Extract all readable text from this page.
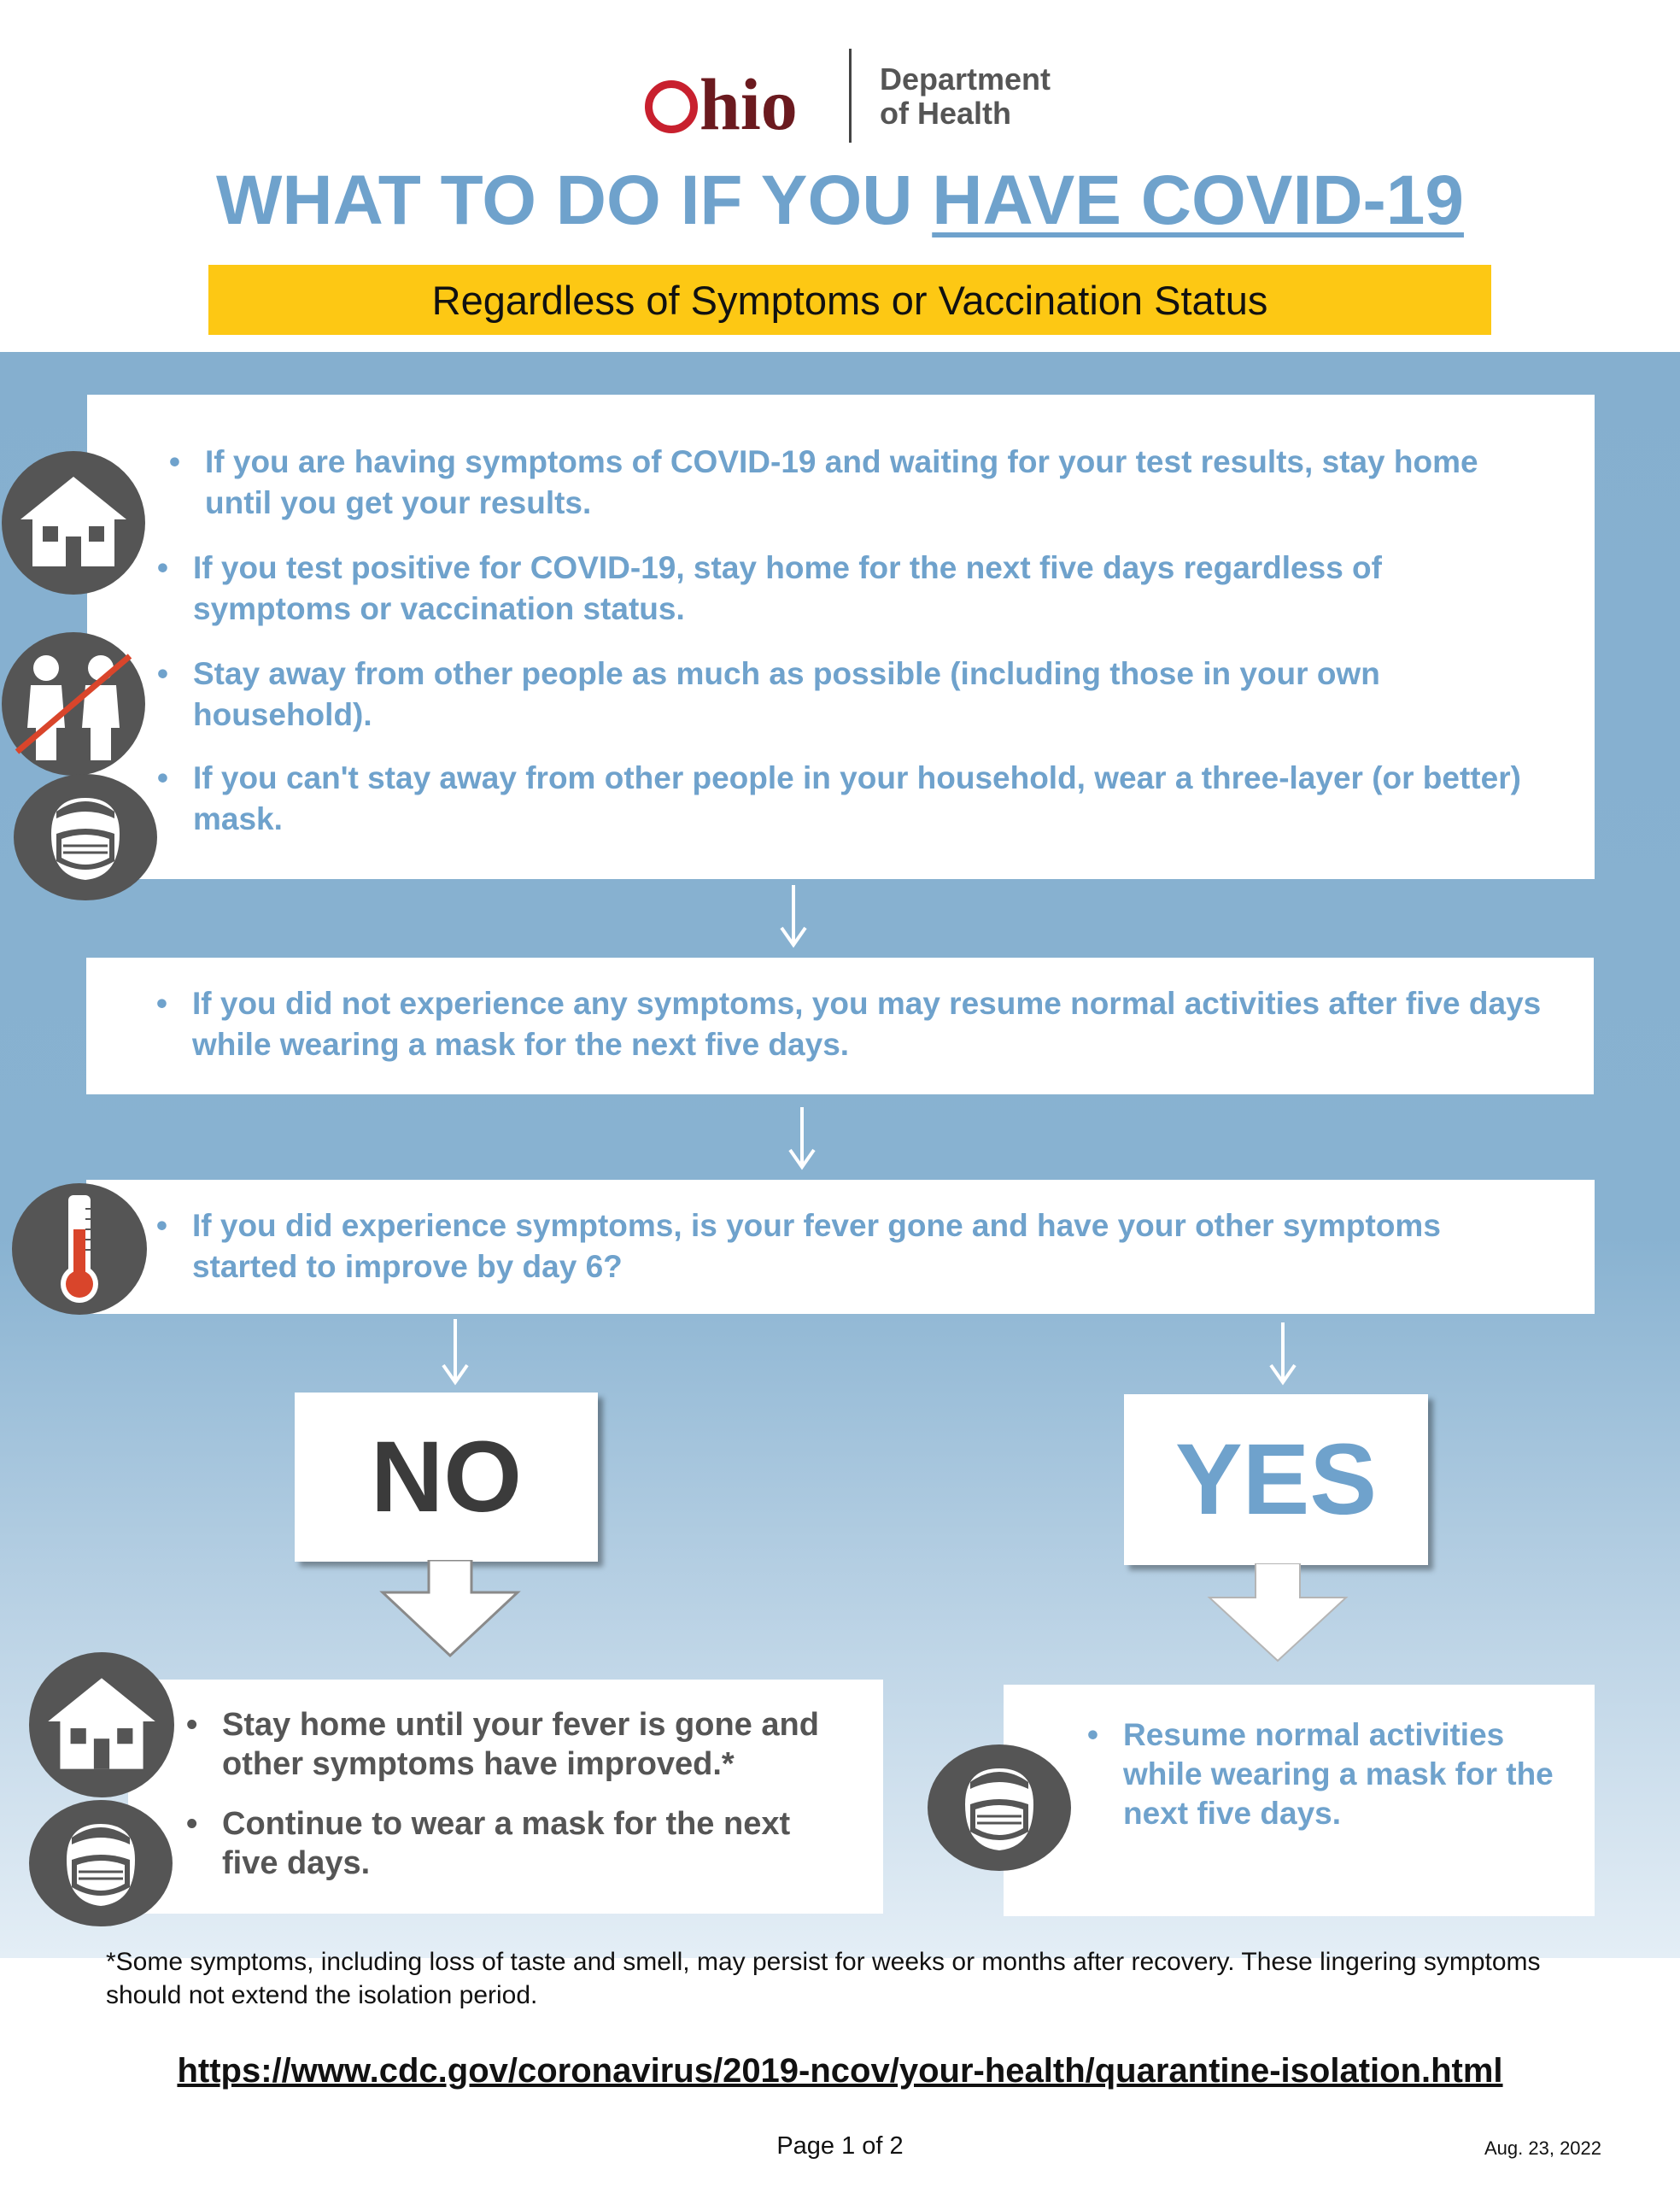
hio	Department
of Health
WHAT TO DO IF YOU HAVE COVID-19
Regardless of Symptoms or Vaccination Status
• If you are having symptoms of COVID-19 and waiting for your test results, stay home until you get your results.
• If you test positive for COVID-19, stay home for the next five days regardless of symptoms or vaccination status.
• Stay away from other people as much as possible (including those in your own household).
• If you can't stay away from other people in your household, wear a three-layer (or better) mask.
• If you did not experience any symptoms, you may resume normal activities after five days while wearing a mask for the next five days.
• If you did experience symptoms, is your fever gone and have your other symptoms started to improve by day 6?
NO	YES
• Stay home until your fever is gone and other symptoms have improved.*
• Continue to wear a mask for the next five days.
• Resume normal activities while wearing a mask for the next five days.
*Some symptoms, including loss of taste and smell, may persist for weeks or months after recovery. These lingering symptoms should not extend the isolation period.
https://www.cdc.gov/coronavirus/2019-ncov/your-health/quarantine-isolation.html
Page 1 of 2	Aug. 23, 2022
